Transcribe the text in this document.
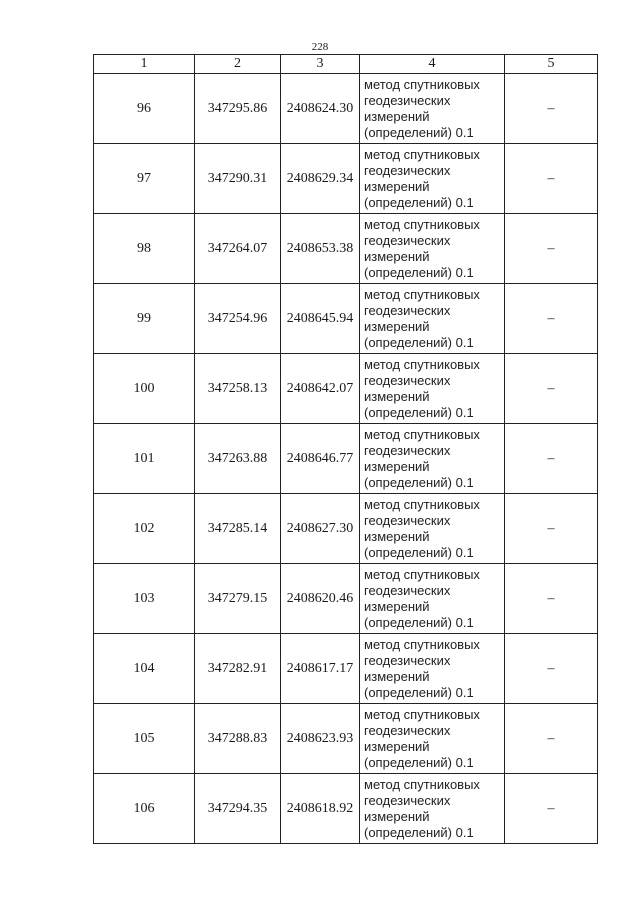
228
1	2	3	4	5
96	347295.86	2408624.30	метод спутниковых
геодезических
измерений
(определений) 0.1	–
97	347290.31	2408629.34	метод спутниковых
геодезических
измерений
(определений) 0.1	–
98	347264.07	2408653.38	метод спутниковых
геодезических
измерений
(определений) 0.1	–
99	347254.96	2408645.94	метод спутниковых
геодезических
измерений
(определений) 0.1	–
100	347258.13	2408642.07	метод спутниковых
геодезических
измерений
(определений) 0.1	–
101	347263.88	2408646.77	метод спутниковых
геодезических
измерений
(определений) 0.1	–
102	347285.14	2408627.30	метод спутниковых
геодезических
измерений
(определений) 0.1	–
103	347279.15	2408620.46	метод спутниковых
геодезических
измерений
(определений) 0.1	–
104	347282.91	2408617.17	метод спутниковых
геодезических
измерений
(определений) 0.1	–
105	347288.83	2408623.93	метод спутниковых
геодезических
измерений
(определений) 0.1	–
106	347294.35	2408618.92	метод спутниковых
геодезических
измерений
(определений) 0.1	–
